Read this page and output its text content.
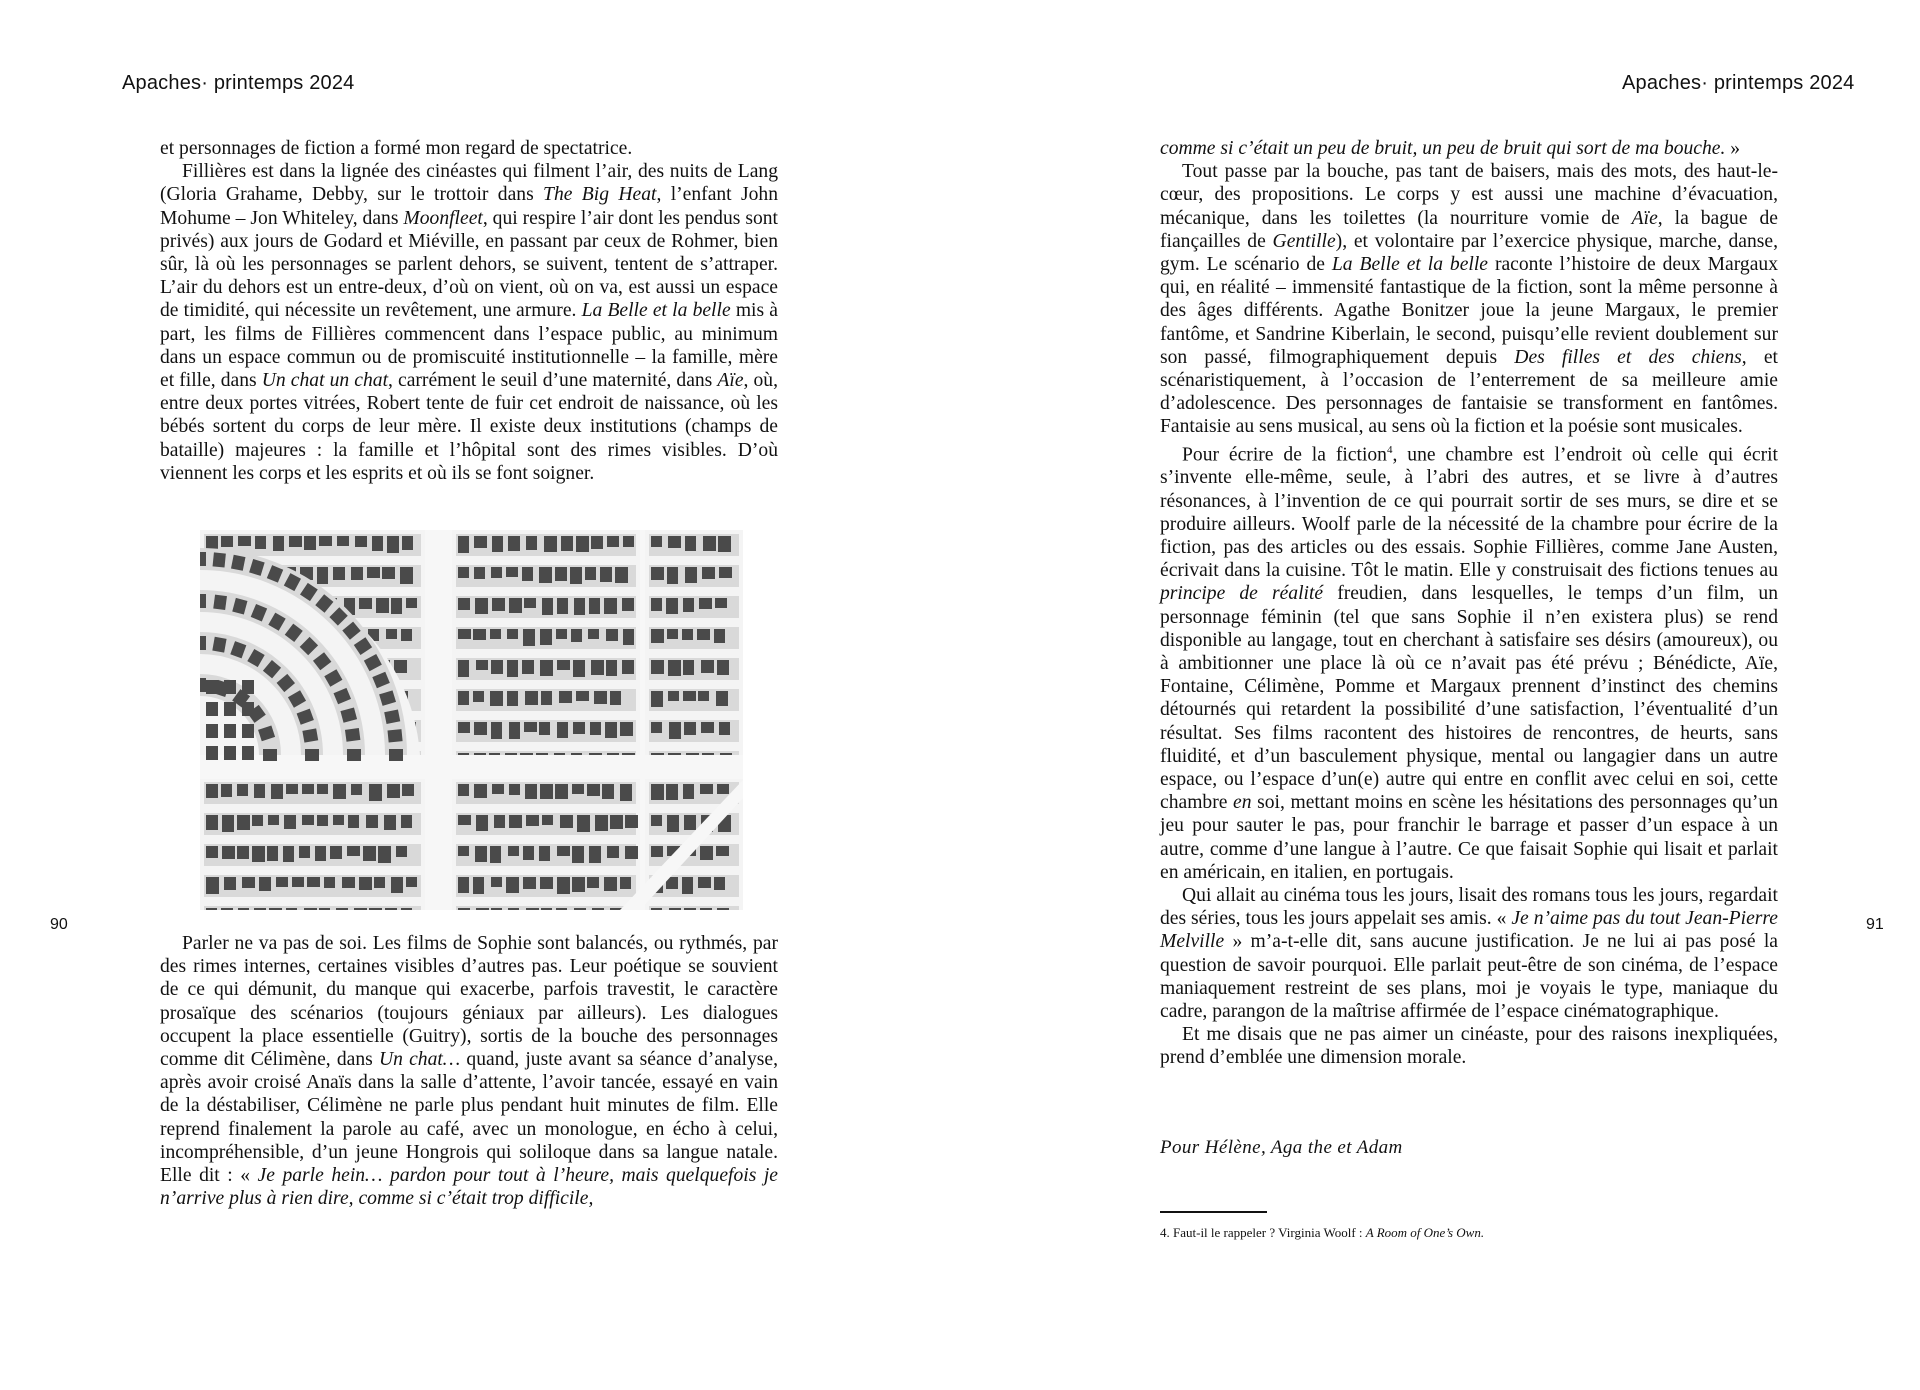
Apaches· printemps 2024	Apaches· printemps 2024
90	91

et personnages de fiction a formé mon regard de spectatrice.

Fillières est dans la lignée des cinéastes qui filment l’air, des nuits de Lang (Gloria Grahame, Debby, sur le trottoir dans The Big Heat, l’enfant John Mohume – Jon Whiteley, dans Moonfleet, qui respire l’air dont les pendus sont privés) aux jours de Godard et Miéville, en passant par ceux de Rohmer, bien sûr, là où les personnages se parlent dehors, se suivent, tentent de s’attraper. L’air du dehors est un entre-deux, d’où on vient, où on va, est aussi un espace de timidité, qui nécessite un revêtement, une armure. La Belle et la belle mis à part, les films de Fillières commencent dans l’espace public, au minimum dans un espace commun ou de promiscuité institutionnelle – la famille, mère et fille, dans Un chat un chat, carrément le seuil d’une maternité, dans Aïe, où, entre deux portes vitrées, Robert tente de fuir cet endroit de naissance, où les bébés sortent du corps de leur mère. Il existe deux institutions (champs de bataille) majeures : la famille et l’hôpital sont des rimes visibles. D’où viennent les corps et les esprits et où ils se font soigner.

Parler ne va pas de soi. Les films de Sophie sont balancés, ou rythmés, par des rimes internes, certaines visibles d’autres pas. Leur poétique se souvient de ce qui démunit, du manque qui exacerbe, parfois travestit, le caractère prosaïque des scénarios (toujours géniaux par ailleurs). Les dialogues occupent la place essentielle (Guitry), sortis de la bouche des personnages comme dit Célimène, dans Un chat… quand, juste avant sa séance d’analyse, après avoir croisé Anaïs dans la salle d’attente, l’avoir tancée, essayé en vain de la déstabiliser, Célimène ne parle plus pendant huit minutes de film. Elle reprend finalement la parole au café, avec un monologue, en écho à celui, incompréhensible, d’un jeune Hongrois qui soliloque dans sa langue natale. Elle dit : « Je parle hein… pardon pour tout à l’heure, mais quelquefois je n’arrive plus à rien dire, comme si c’était trop difficile,

comme si c’était un peu de bruit, un peu de bruit qui sort de ma bouche. »

Tout passe par la bouche, pas tant de baisers, mais des mots, des haut-le-cœur, des propositions. Le corps y est aussi une machine d’évacuation, mécanique, dans les toilettes (la nourriture vomie de Aïe, la bague de fiançailles de Gentille), et volontaire par l’exercice physique, marche, danse, gym. Le scénario de La Belle et la belle raconte l’histoire de deux Margaux qui, en réalité – immensité fantastique de la fiction, sont la même personne à des âges différents. Agathe Bonitzer joue la jeune Margaux, le premier fantôme, et Sandrine Kiberlain, le second, puisqu’elle revient doublement sur son passé, filmographiquement depuis Des filles et des chiens, et scénaristiquement, à l’occasion de l’enterrement de sa meilleure amie d’adolescence. Des personnages de fantaisie se transforment en fantômes. Fantaisie au sens musical, au sens où la fiction et la poésie sont musicales.

Pour écrire de la fiction$^4$, une chambre est l’endroit où celle qui écrit s’invente elle-même, seule, à l’abri des autres, et se livre à d’autres résonances, à l’invention de ce qui pourrait sortir de ses murs, se dire et se produire ailleurs. Woolf parle de la nécessité de la chambre pour écrire de la fiction, pas des articles ou des essais. Sophie Fillières, comme Jane Austen, écrivait dans la cuisine. Tôt le matin. Elle y construisait des fictions tenues au principe de réalité freudien, dans lesquelles, le temps d’un film, un personnage féminin (tel que sans Sophie il n’en existera plus) se rend disponible au langage, tout en cherchant à satisfaire ses désirs (amoureux), ou à ambitionner une place là où ce n’avait pas été prévu ; Bénédicte, Aïe, Fontaine, Célimène, Pomme et Margaux prennent d’instinct des chemins détournés qui retardent la possibilité d’une satisfaction, l’éventualité d’un résultat. Ses films racontent des histoires de rencontres, de heurts, sans fluidité, et d’un basculement physique, mental ou langagier dans un autre espace, ou l’espace d’un(e) autre qui entre en conflit avec celui en soi, cette chambre en soi, mettant moins en scène les hésitations des personnages qu’un jeu pour sauter le pas, pour franchir le barrage et passer d’un espace à un autre, comme d’une langue à l’autre. Ce que faisait Sophie qui lisait et parlait en américain, en italien, en portugais.

Qui allait au cinéma tous les jours, lisait des romans tous les jours, regardait des séries, tous les jours appelait ses amis. « Je n’aime pas du tout Jean-Pierre Melville » m’a-t-elle dit, sans aucune justification. Je ne lui ai pas posé la question de savoir pourquoi. Elle parlait peut-être de son cinéma, de l’espace maniaquement restreint de ses plans, moi je voyais le type, maniaque du cadre, parangon de la maîtrise affirmée de l’espace cinématographique.

Et me disais que ne pas aimer un cinéaste, pour des raisons inexpliquées, prend d’emblée une dimension morale.

Pour Hélène, Aga the et Adam
4. Faut-il le rappeler ? Virginia Woolf : A Room of One’s Own.
